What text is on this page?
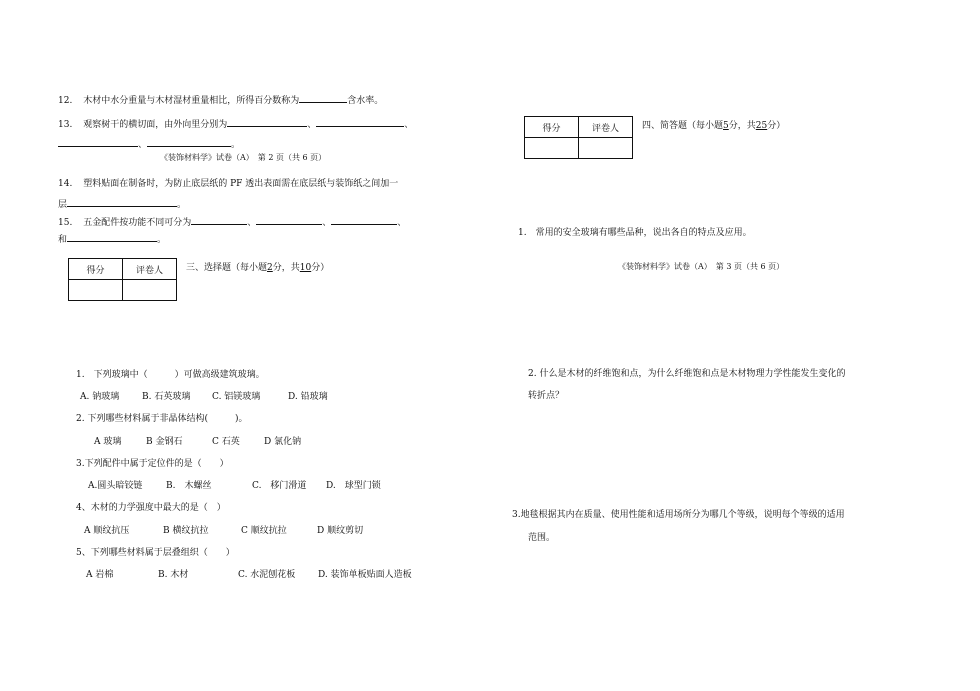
12. 木材中水分重量与木材湿材重量相比，所得百分数称为	含水率。
13. 观察树干的横切面，由外向里分别为	、	、
、	。
《装饰材料学》试卷（A）　第 2 页（共 6 页）
14. 塑料贴面在制备时，为防止底层纸的 PF 透出表面需在底层纸与装饰纸之间加一
层	。
15. 五金配件按功能不同可分为	、	、	、
和	。
得分	评卷人
		三、选择题（每小题2分，共10分）
1.　下列玻璃中（　　　）可做高级建筑玻璃。
A. 钠玻璃	B. 石英玻璃 C. 铝镁玻璃	D. 铅玻璃
2. 下列哪些材料属于非晶体结构(　　　)。
A 玻璃	B 金钢石	C 石英	D 氯化钠
3.下列配件中属于定位件的是（　　）
A.圆头暗铰链	B.　木螺丝	C.　移门滑道 D.　球型门锁
4、木材的力学强度中最大的是（　）
A 顺纹抗压	B 横纹抗拉	C 顺纹抗拉	D 顺纹剪切
5、下列哪些材料属于层叠组织（　　）
A 岩棉	B. 木材	C. 水泥刨花板	D. 装饰单板贴面人造板
得分	评卷人
		四、简答题（每小题5分，共25分）
1.　常用的安全玻璃有哪些品种，说出各自的特点及应用。
《装饰材料学》试卷（A）　第 3 页（共 6 页）
2. 什么是木材的纤维饱和点，为什么纤维饱和点是木材物理力学性能发生变化的
转折点？
3.地毯根据其内在质量、使用性能和适用场所分为哪几个等级，说明每个等级的适用
范围。
